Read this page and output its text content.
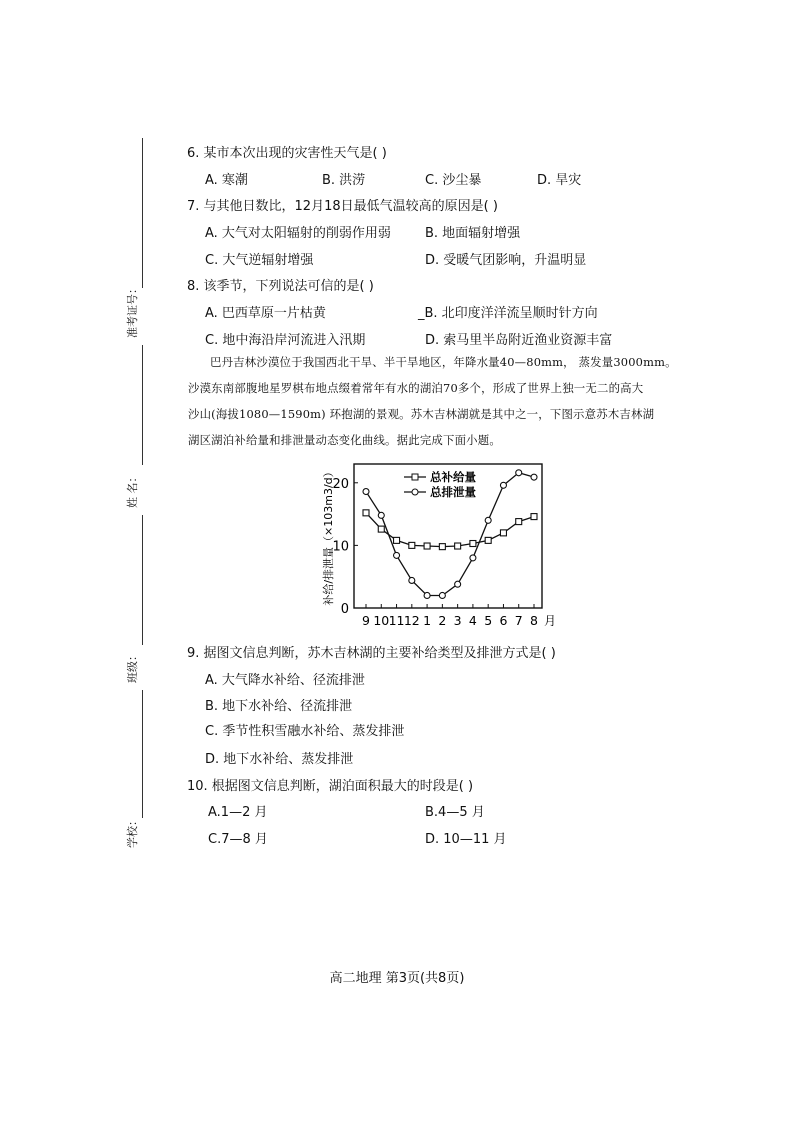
准考证号：
姓 名：
班级：
学校：
6. 某市本次出现的灾害性天气是( )
A. 寒潮	B. 洪涝	C. 沙尘暴	D. 旱灾
7. 与其他日数比，12月18日最低气温较高的原因是( )
A. 大气对太阳辐射的削弱作用弱	B. 地面辐射增强
C. 大气逆辐射增强	D. 受暖气团影响，升温明显
8. 该季节，下列说法可信的是( )
A. 巴西草原一片枯黄	_B. 北印度洋洋流呈顺时针方向
C. 地中海沿岸河流进入汛期	D. 索马里半岛附近渔业资源丰富
巴丹吉林沙漠位于我国西北干旱、半干旱地区，年降水量40—80mm， 蒸发量3000mm。
沙漠东南部腹地星罗棋布地点缀着常年有水的湖泊70多个，形成了世界上独一无二的高大
沙山(海拔1080—1590m) 环抱湖的景观。苏木吉林湖就是其中之一，下图示意苏木吉林湖
湖区湖泊补给量和排泄量动态变化曲线。据此完成下面小题。
0
10
20
9 10 11 12 1 2 3 4 5 6 7 8 月
补给/排泄量（×103m3/d）	总补给量
总排泄量
9. 据图文信息判断，苏木吉林湖的主要补给类型及排泄方式是( )
A. 大气降水补给、径流排泄
B. 地下水补给、径流排泄
C. 季节性积雪融水补给、蒸发排泄
D. 地下水补给、蒸发排泄
10. 根据图文信息判断，湖泊面积最大的时段是( )
A.1—2 月	B.4—5 月
C.7—8 月	D. 10—11 月
高二地理 第3页(共8页)
